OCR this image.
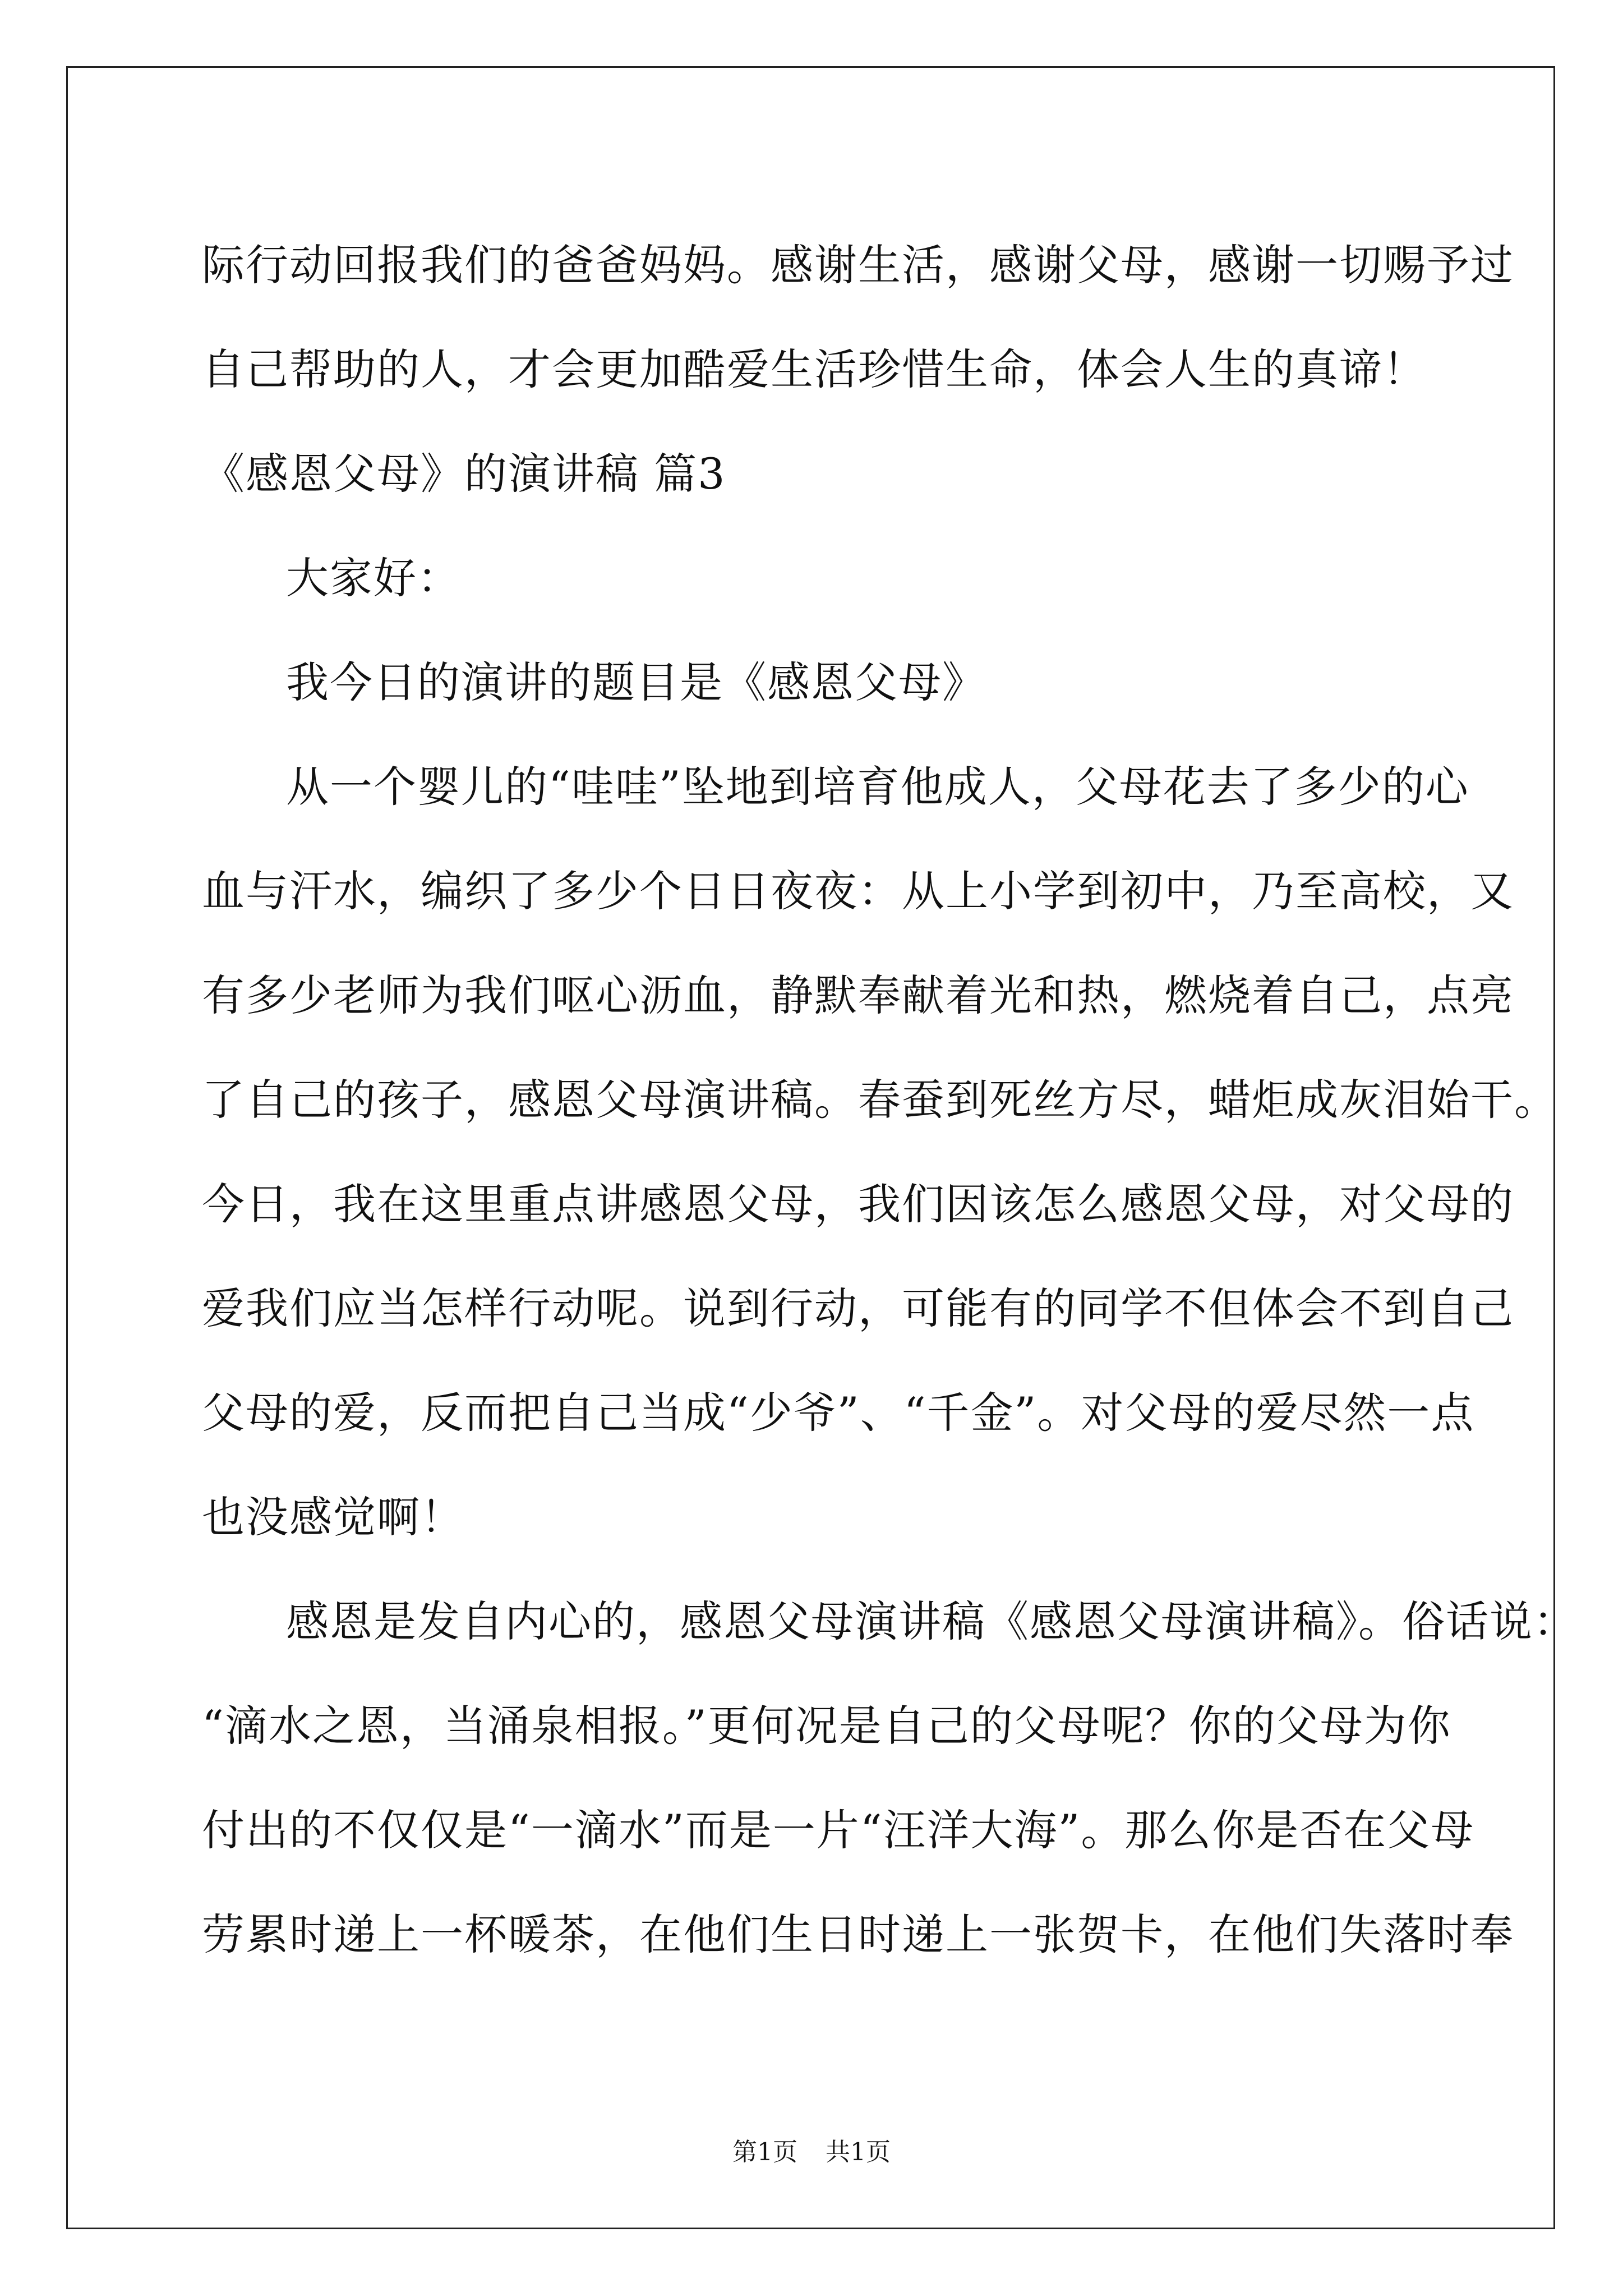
际行动回报我们的爸爸妈妈。感谢生活，感谢父母，感谢一切赐予过
自己帮助的人，才会更加酷爱生活珍惜生命，体会人生的真谛！
《感恩父母》的演讲稿 篇3
大家好：
我今日的演讲的题目是《感恩父母》
从一个婴儿的“哇哇”坠地到培育他成人，父母花去了多少的心
血与汗水，编织了多少个日日夜夜：从上小学到初中，乃至高校，又
有多少老师为我们呕心沥血，静默奉献着光和热，燃烧着自己，点亮
了自己的孩子，感恩父母演讲稿。春蚕到死丝方尽，蜡炬成灰泪始干。
今日，我在这里重点讲感恩父母，我们因该怎么感恩父母，对父母的
爱我们应当怎样行动呢。说到行动，可能有的同学不但体会不到自己
父母的爱，反而把自己当成“少爷”、“千金”。对父母的爱尽然一点
也没感觉啊！
感恩是发自内心的，感恩父母演讲稿《感恩父母演讲稿》。俗话说：
“滴水之恩，当涌泉相报。”更何况是自己的父母呢？你的父母为你
付出的不仅仅是“一滴水”而是一片“汪洋大海”。那么你是否在父母
劳累时递上一杯暖茶，在他们生日时递上一张贺卡，在他们失落时奉
第1页 共1页
